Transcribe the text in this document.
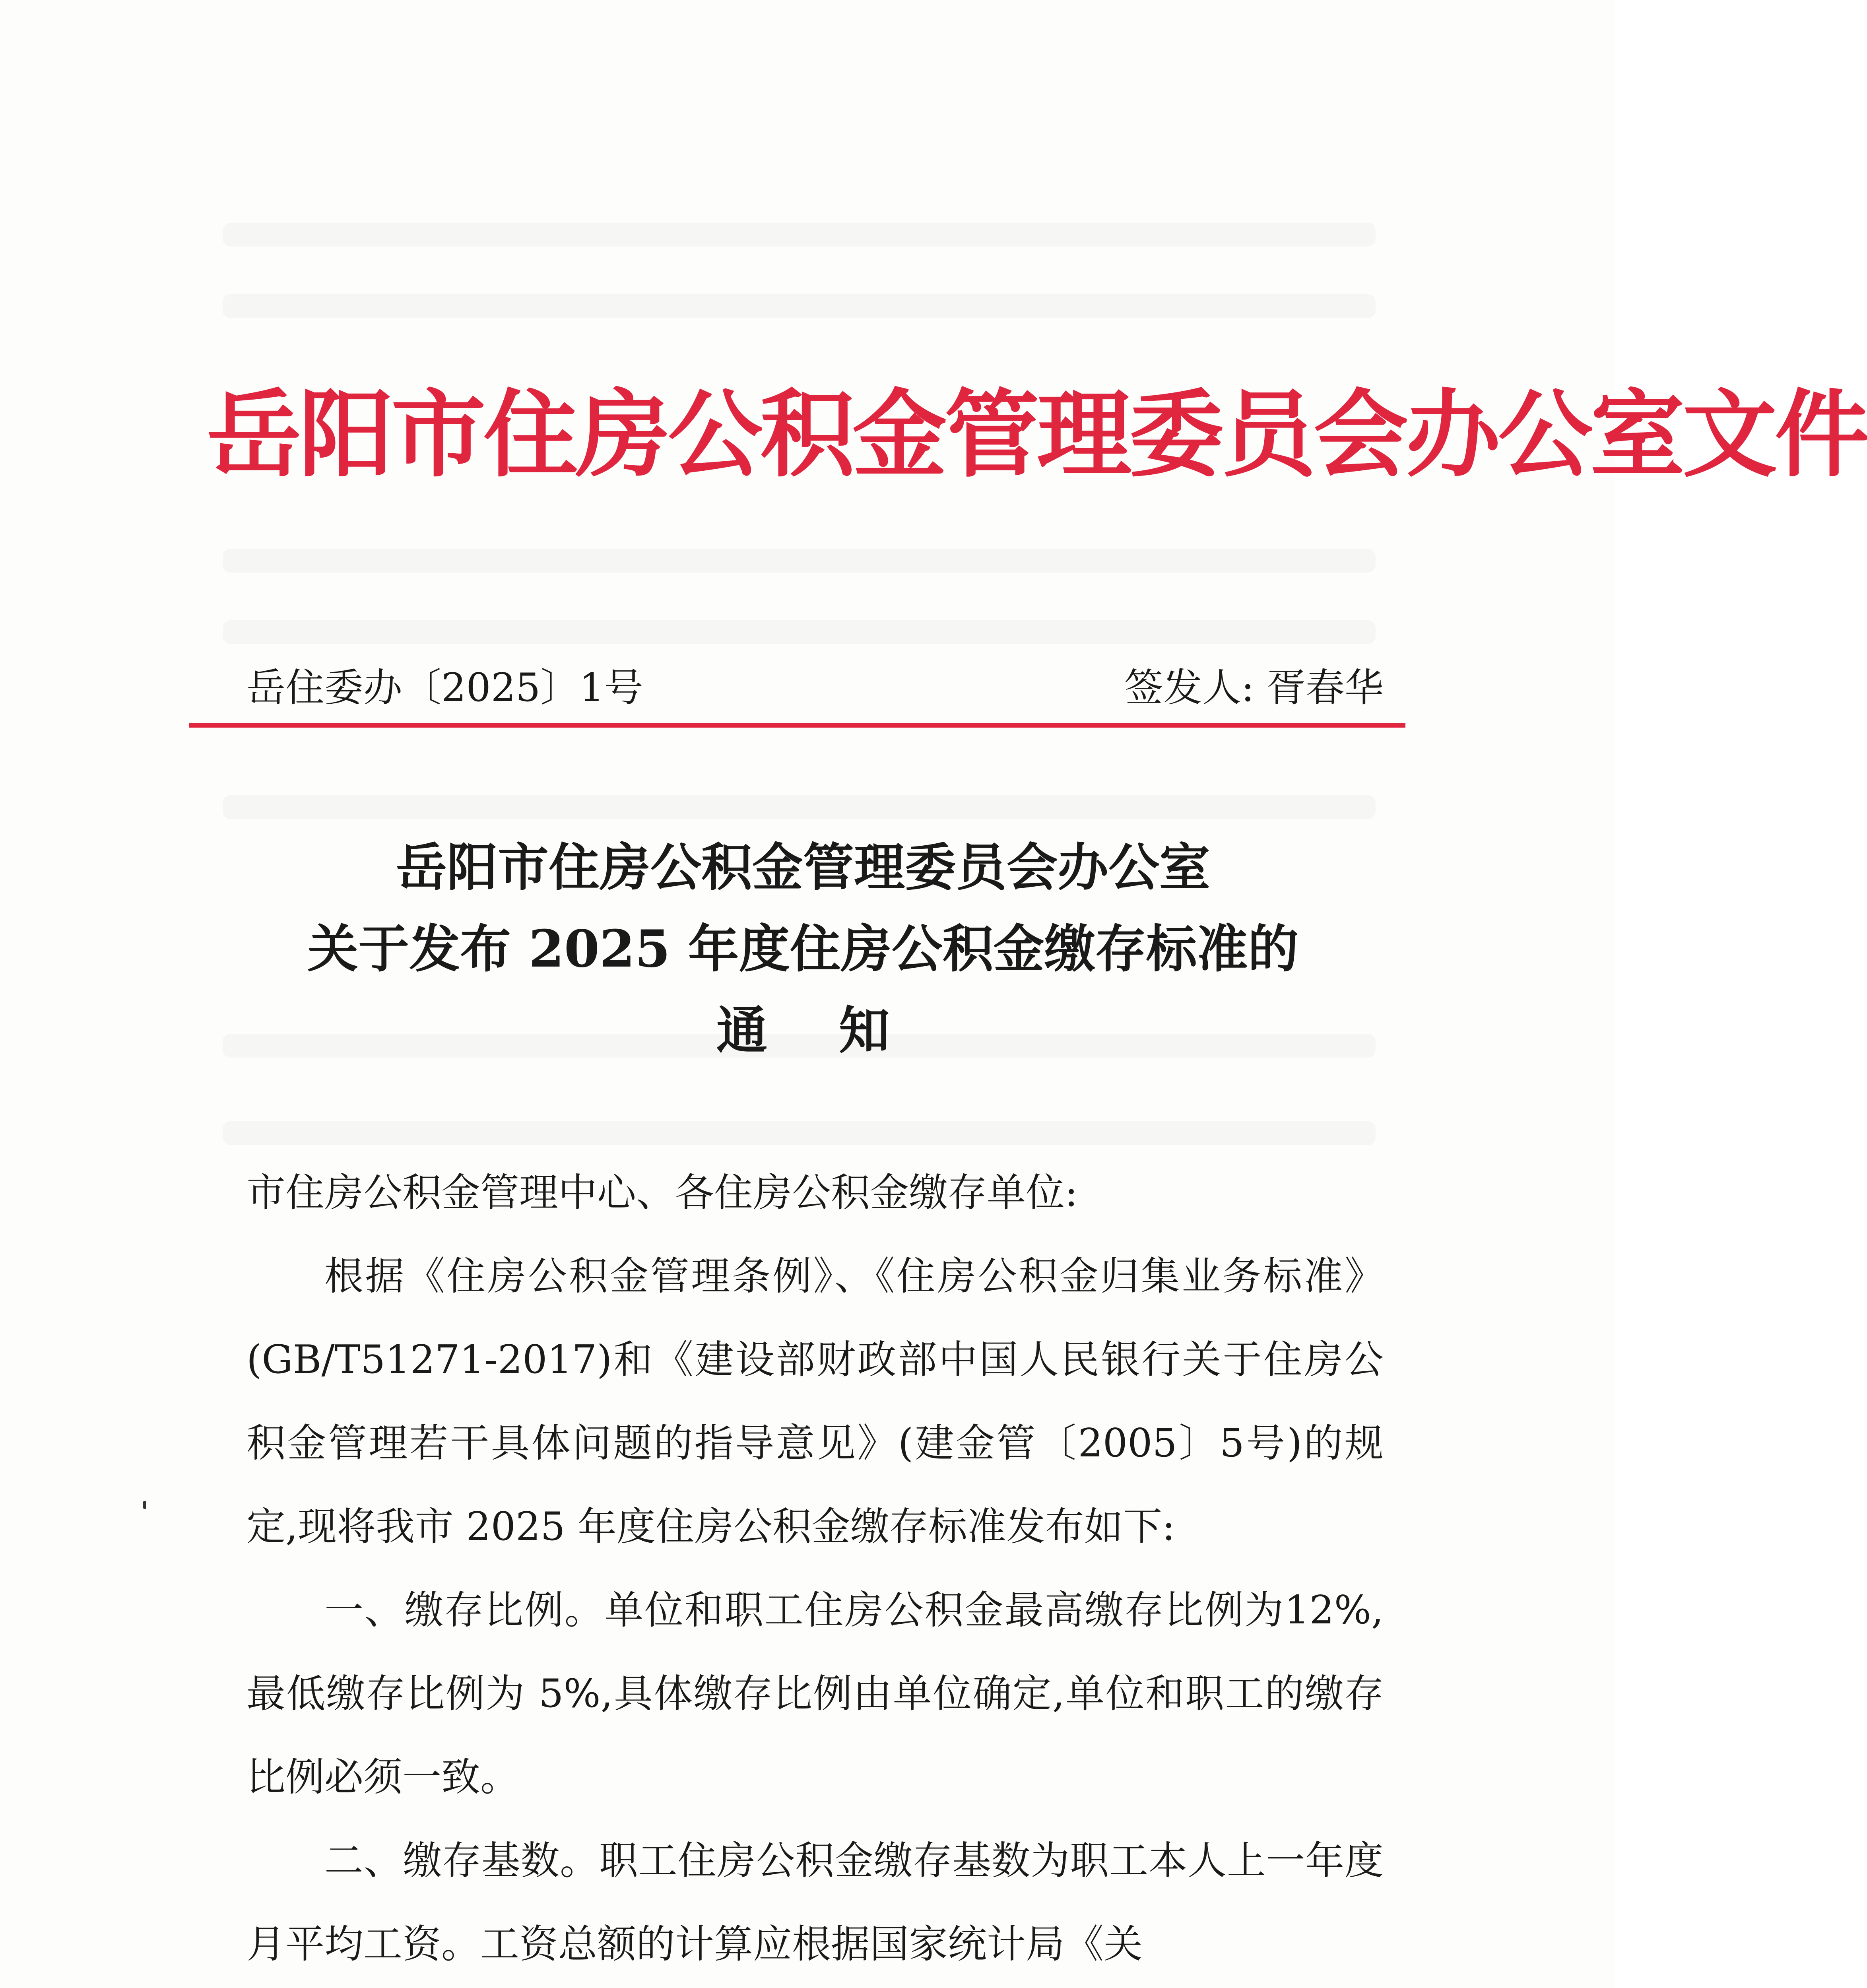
岳阳市住房公积金管理委员会办公室文件
岳住委办〔2025〕1号	签发人: 胥春华
岳阳市住房公积金管理委员会办公室
关于发布 2025 年度住房公积金缴存标准的
通知

市住房公积金管理中心、各住房公积金缴存单位:

根据《住房公积金管理条例》、《住房公积金归集业务标准》(GB/T51271-2017)和《建设部财政部中国人民银行关于住房公积金管理若干具体问题的指导意见》(建金管〔2005〕5号)的规定,现将我市 2025 年度住房公积金缴存标准发布如下:

一、缴存比例。单位和职工住房公积金最高缴存比例为12%,最低缴存比例为 5%,具体缴存比例由单位确定,单位和职工的缴存比例必须一致。

二、缴存基数。职工住房公积金缴存基数为职工本人上一年度月平均工资。工资总额的计算应根据国家统计局《关
